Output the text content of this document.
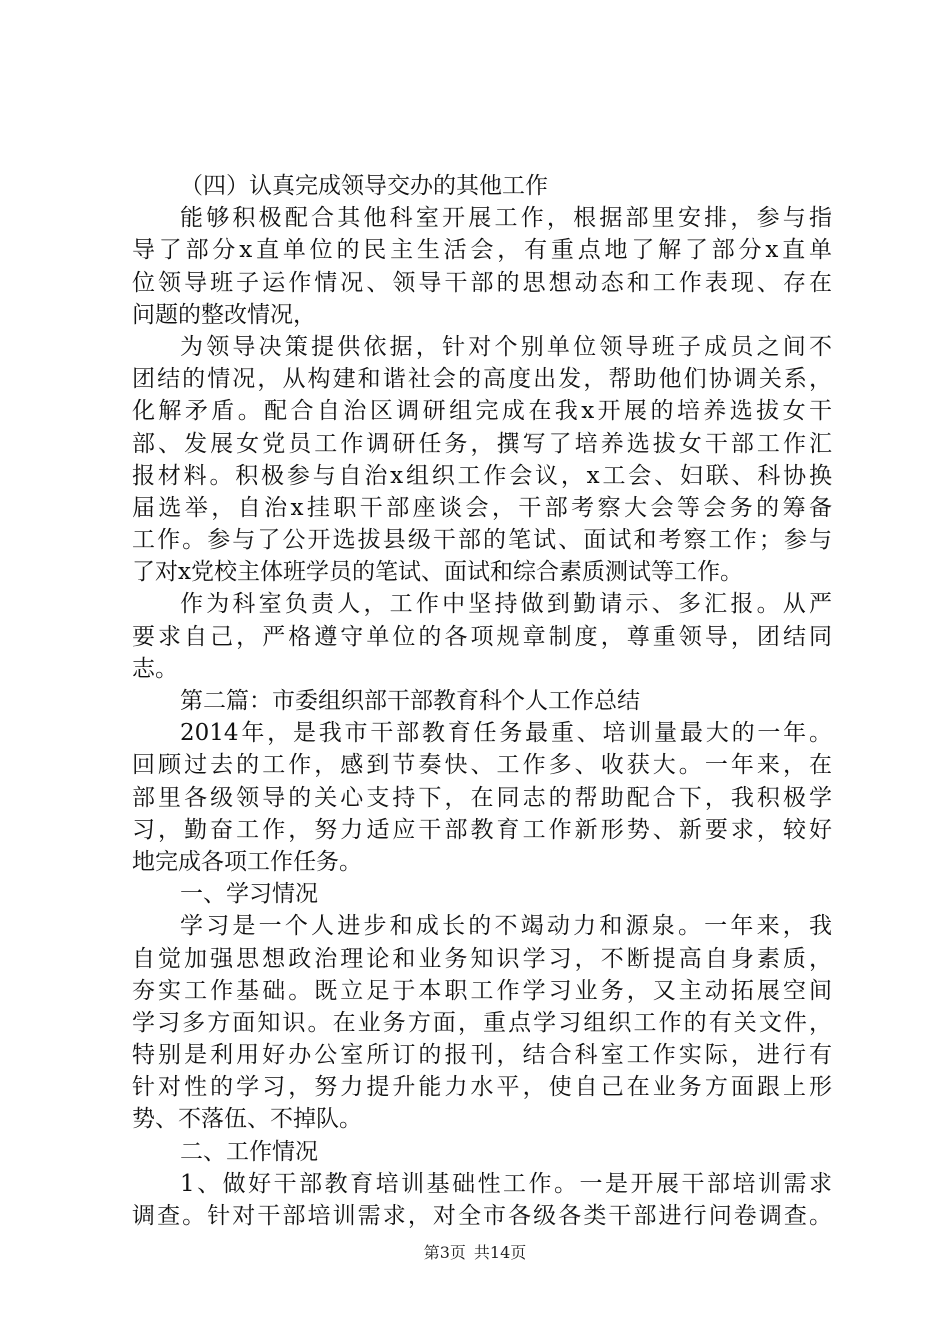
（四）认真完成领导交办的其他工作
能够积极配合其他科室开展工作，根据部里安排，参与指
导了部分x直单位的民主生活会，有重点地了解了部分x直单
位领导班子运作情况、领导干部的思想动态和工作表现、存在
问题的整改情况，
为领导决策提供依据，针对个别单位领导班子成员之间不
团结的情况，从构建和谐社会的高度出发，帮助他们协调关系，
化解矛盾。配合自治区调研组完成在我x开展的培养选拔女干
部、发展女党员工作调研任务，撰写了培养选拔女干部工作汇
报材料。积极参与自治x组织工作会议，x工会、妇联、科协换
届选举，自治x挂职干部座谈会，干部考察大会等会务的筹备
工作。参与了公开选拔县级干部的笔试、面试和考察工作；参与
了对x党校主体班学员的笔试、面试和综合素质测试等工作。
作为科室负责人，工作中坚持做到勤请示、多汇报。从严
要求自己，严格遵守单位的各项规章制度，尊重领导，团结同
志。
第二篇：市委组织部干部教育科个人工作总结
2014年，是我市干部教育任务最重、培训量最大的一年。
回顾过去的工作，感到节奏快、工作多、收获大。一年来，在
部里各级领导的关心支持下，在同志的帮助配合下，我积极学
习，勤奋工作，努力适应干部教育工作新形势、新要求，较好
地完成各项工作任务。
一、学习情况
学习是一个人进步和成长的不竭动力和源泉。一年来，我
自觉加强思想政治理论和业务知识学习，不断提高自身素质，
夯实工作基础。既立足于本职工作学习业务，又主动拓展空间
学习多方面知识。在业务方面，重点学习组织工作的有关文件，
特别是利用好办公室所订的报刊，结合科室工作实际，进行有
针对性的学习，努力提升能力水平，使自己在业务方面跟上形
势、不落伍、不掉队。
二、工作情况
1、做好干部教育培训基础性工作。一是开展干部培训需求
调查。针对干部培训需求，对全市各级各类干部进行问卷调查。
第3页 共14页
